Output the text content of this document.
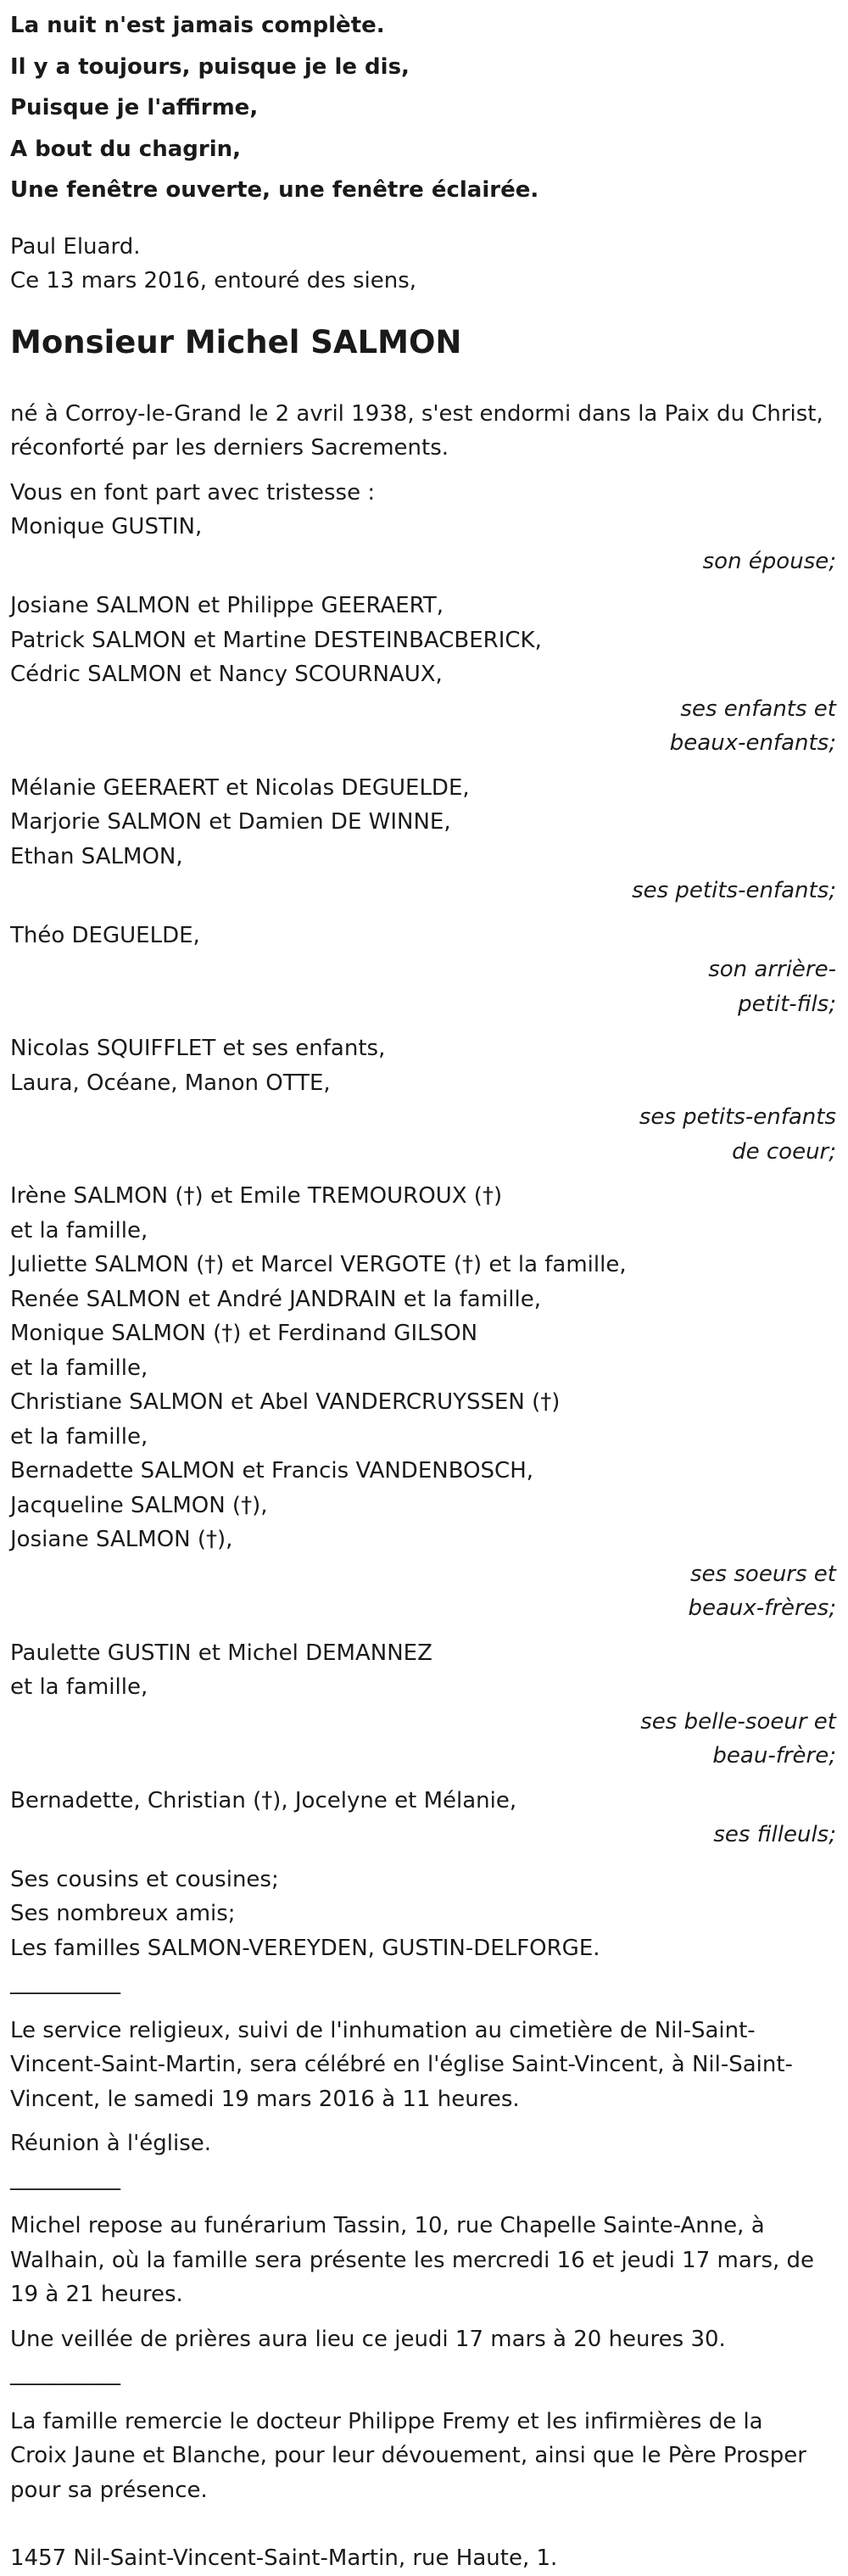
La nuit n'est jamais complète.
Il y a toujours, puisque je le dis,
Puisque je l'affirme,
A bout du chagrin,
Une fenêtre ouverte, une fenêtre éclairée.
Paul Eluard.
Ce 13 mars 2016, entouré des siens,
Monsieur Michel SALMON
né à Corroy-le-Grand le 2 avril 1938, s'est endormi dans la Paix du Christ,
réconforté par les derniers Sacrements.
Vous en font part avec tristesse :
Monique GUSTIN,
son épouse;
Josiane SALMON et Philippe GEERAERT,
Patrick SALMON et Martine DESTEINBACBERICK,
Cédric SALMON et Nancy SCOURNAUX,
ses enfants et
beaux-enfants;
Mélanie GEERAERT et Nicolas DEGUELDE,
Marjorie SALMON et Damien DE WINNE,
Ethan SALMON,
ses petits-enfants;
Théo DEGUELDE,
son arrière-
petit-fils;
Nicolas SQUIFFLET et ses enfants,
Laura, Océane, Manon OTTE,
ses petits-enfants
de coeur;
Irène SALMON (†) et Emile TREMOUROUX (†)
et la famille,
Juliette SALMON (†) et Marcel VERGOTE (†) et la famille,
Renée SALMON et André JANDRAIN et la famille,
Monique SALMON (†) et Ferdinand GILSON
et la famille,
Christiane SALMON et Abel VANDERCRUYSSEN (†)
et la famille,
Bernadette SALMON et Francis VANDENBOSCH,
Jacqueline SALMON (†),
Josiane SALMON (†),
ses soeurs et
beaux-frères;
Paulette GUSTIN et Michel DEMANNEZ
et la famille,
ses belle-soeur et
beau-frère;
Bernadette, Christian (†), Jocelyne et Mélanie,
ses filleuls;
Ses cousins et cousines;
Ses nombreux amis;
Les familles SALMON-VEREYDEN, GUSTIN-DELFORGE.
__________
Le service religieux, suivi de l'inhumation au cimetière de Nil-Saint-
Vincent-Saint-Martin, sera célébré en l'église Saint-Vincent, à Nil-Saint-
Vincent, le samedi 19 mars 2016 à 11 heures.
Réunion à l'église.
__________
Michel repose au funérarium Tassin, 10, rue Chapelle Sainte-Anne, à
Walhain, où la famille sera présente les mercredi 16 et jeudi 17 mars, de
19 à 21 heures.
Une veillée de prières aura lieu ce jeudi 17 mars à 20 heures 30.
__________
La famille remercie le docteur Philippe Fremy et les infirmières de la
Croix Jaune et Blanche, pour leur dévouement, ainsi que le Père Prosper
pour sa présence.
1457 Nil-Saint-Vincent-Saint-Martin, rue Haute, 1.
